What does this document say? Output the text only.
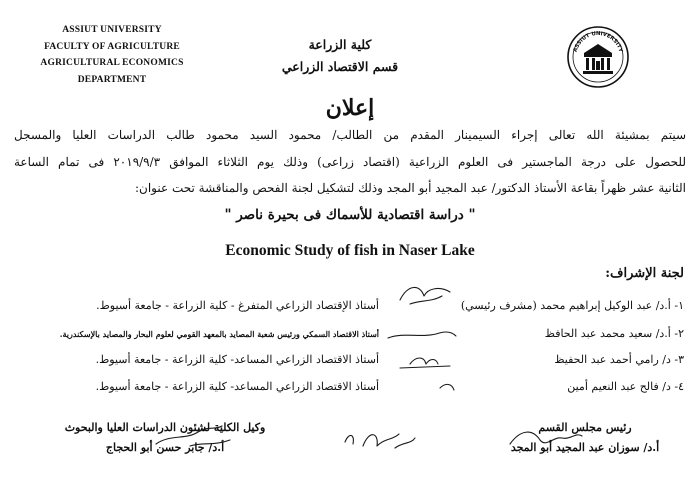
ASSIUT UNIVERSITY
FACULTY OF AGRICULTURE
AGRICULTURAL ECONOMICS
DEPARTMENT
كلية الزراعة
قسم الاقتصاد الزراعي
ASSIUT UNIVERSITY
إعلان
سيتم بمشيئة الله تعالى إجراء السيمينار المقدم من الطالب/ محمود السيد محمود طالب الدراسات العليا والمسجل
للحصول على درجة الماجستير فى العلوم الزراعية (اقتصاد زراعى) وذلك يوم الثلاثاء الموافق ٢٠١٩/٩/٣ فى تمام الساعة
الثانية عشر ظهراً بقاعة الأستاذ الدكتور/ عبد المجيد أبو المجد وذلك لتشكيل لجنة الفحص والمناقشة تحت عنوان:
" دراسة اقتصادية للأسماك فى بحيرة ناصر "
Economic Study of fish in Naser Lake
لجنة الإشراف:
١- أ.د/ عبد الوكيل إبراهيم محمد (مشرف رئيسي)أستاذ الإقتصاد الزراعي المتفرغ - كلية الزراعة - جامعة أسيوط.
٢- أ.د/ سعيد محمد عبد الحافظأستاذ الاقتصاد السمكي ورئيس شعبة المصايد بالمعهد القومي لعلوم البحار والمصايد بالإسكندرية.
٣- د/ رامي أحمد عبد الحفيظأستاذ الاقتصاد الزراعي المساعد- كلية الزراعة - جامعة أسيوط.
٤- د/ فالح عبد النعيم أمينأستاذ الاقتصاد الزراعي المساعد- كلية الزراعة - جامعة أسيوط.
رئيس مجلس القسم
أ.د/ سوزان عبد المجيد أبو المجد
وكيل الكلية لشئون الدراسات العليا والبحوث
أ.د/ جابر حسن أبو الحجاج
